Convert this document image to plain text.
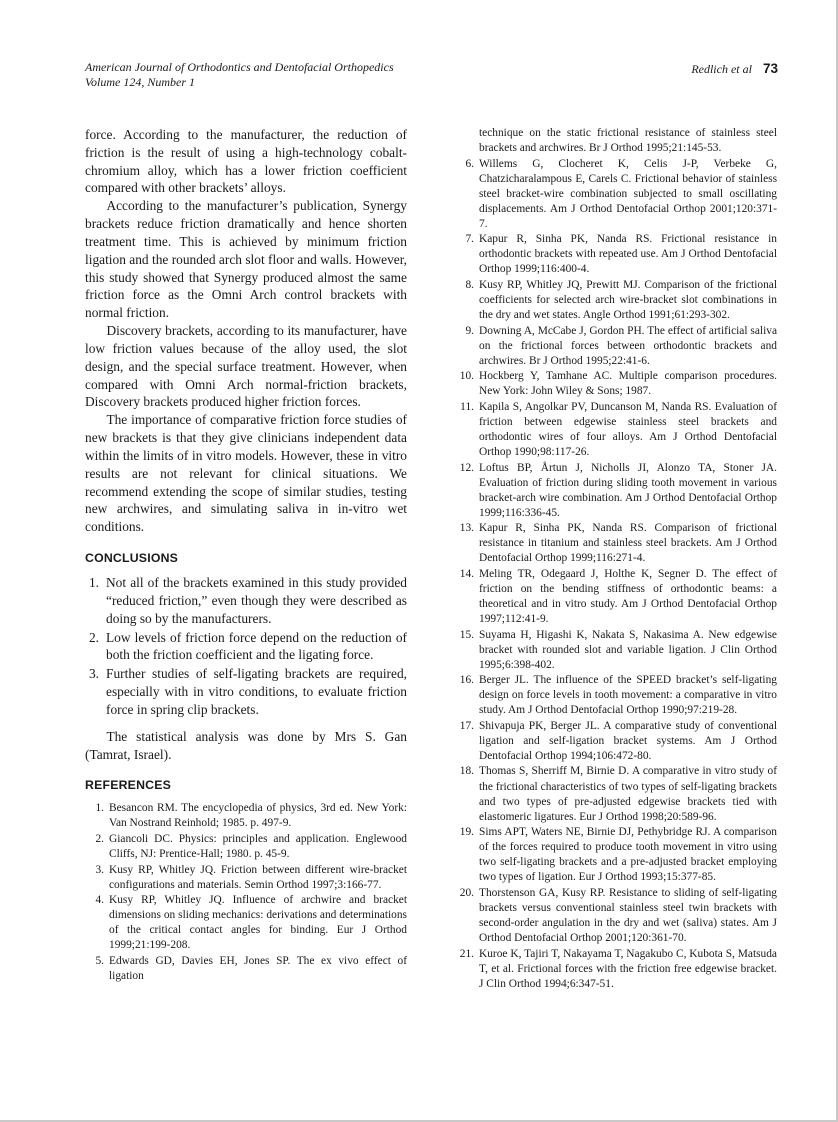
American Journal of Orthodontics and Dentofacial Orthopedics
Volume 124, Number 1
Redlich et al 73

force. According to the manufacturer, the reduction of friction is the result of using a high-technology cobalt-chromium alloy, which has a lower friction coefficient compared with other brackets’ alloys.

According to the manufacturer’s publication, Synergy brackets reduce friction dramatically and hence shorten treatment time. This is achieved by minimum friction ligation and the rounded arch slot floor and walls. However, this study showed that Synergy produced almost the same friction force as the Omni Arch control brackets with normal friction.

Discovery brackets, according to its manufacturer, have low friction values because of the alloy used, the slot design, and the special surface treatment. However, when compared with Omni Arch normal-friction brackets, Discovery brackets produced higher friction forces.

The importance of comparative friction force studies of new brackets is that they give clinicians independent data within the limits of in vitro models. However, these in vitro results are not relevant for clinical situations. We recommend extending the scope of similar studies, testing new archwires, and simulating saliva in in-vitro wet conditions.

CONCLUSIONS
1. Not all of the brackets examined in this study provided “reduced friction,” even though they were described as doing so by the manufacturers.
2. Low levels of friction force depend on the reduction of both the friction coefficient and the ligating force.
3. Further studies of self-ligating brackets are required, especially with in vitro conditions, to evaluate friction force in spring clip brackets.

The statistical analysis was done by Mrs S. Gan (Tamrat, Israel).

REFERENCES
1. Besancon RM. The encyclopedia of physics, 3rd ed. New York: Van Nostrand Reinhold; 1985. p. 497-9.
2. Giancoli DC. Physics: principles and application. Englewood Cliffs, NJ: Prentice-Hall; 1980. p. 45-9.
3. Kusy RP, Whitley JQ. Friction between different wire-bracket configurations and materials. Semin Orthod 1997;3:166-77.
4. Kusy RP, Whitley JQ. Influence of archwire and bracket dimensions on sliding mechanics: derivations and determinations of the critical contact angles for binding. Eur J Orthod 1999;21:199-208.
5. Edwards GD, Davies EH, Jones SP. The ex vivo effect of ligation

technique on the static frictional resistance of stainless steel brackets and archwires. Br J Orthod 1995;21:145-53.

6. Willems G, Clocheret K, Celis J-P, Verbeke G, Chatzicharalampous E, Carels C. Frictional behavior of stainless steel bracket-wire combination subjected to small oscillating displacements. Am J Orthod Dentofacial Orthop 2001;120:371-7.
7. Kapur R, Sinha PK, Nanda RS. Frictional resistance in orthodontic brackets with repeated use. Am J Orthod Dentofacial Orthop 1999;116:400-4.
8. Kusy RP, Whitley JQ, Prewitt MJ. Comparison of the frictional coefficients for selected arch wire-bracket slot combinations in the dry and wet states. Angle Orthod 1991;61:293-302.
9. Downing A, McCabe J, Gordon PH. The effect of artificial saliva on the frictional forces between orthodontic brackets and archwires. Br J Orthod 1995;22:41-6.
10. Hockberg Y, Tamhane AC. Multiple comparison procedures. New York: John Wiley & Sons; 1987.
11. Kapila S, Angolkar PV, Duncanson M, Nanda RS. Evaluation of friction between edgewise stainless steel brackets and orthodontic wires of four alloys. Am J Orthod Dentofacial Orthop 1990;98:117-26.
12. Loftus BP, Årtun J, Nicholls JI, Alonzo TA, Stoner JA. Evaluation of friction during sliding tooth movement in various bracket-arch wire combination. Am J Orthod Dentofacial Orthop 1999;116:336-45.
13. Kapur R, Sinha PK, Nanda RS. Comparison of frictional resistance in titanium and stainless steel brackets. Am J Orthod Dentofacial Orthop 1999;116:271-4.
14. Meling TR, Odegaard J, Holthe K, Segner D. The effect of friction on the bending stiffness of orthodontic beams: a theoretical and in vitro study. Am J Orthod Dentofacial Orthop 1997;112:41-9.
15. Suyama H, Higashi K, Nakata S, Nakasima A. New edgewise bracket with rounded slot and variable ligation. J Clin Orthod 1995;6:398-402.
16. Berger JL. The influence of the SPEED bracket’s self-ligating design on force levels in tooth movement: a comparative in vitro study. Am J Orthod Dentofacial Orthop 1990;97:219-28.
17. Shivapuja PK, Berger JL. A comparative study of conventional ligation and self-ligation bracket systems. Am J Orthod Dentofacial Orthop 1994;106:472-80.
18. Thomas S, Sherriff M, Birnie D. A comparative in vitro study of the frictional characteristics of two types of self-ligating brackets and two types of pre-adjusted edgewise brackets tied with elastomeric ligatures. Eur J Orthod 1998;20:589-96.
19. Sims APT, Waters NE, Birnie DJ, Pethybridge RJ. A comparison of the forces required to produce tooth movement in vitro using two self-ligating brackets and a pre-adjusted bracket employing two types of ligation. Eur J Orthod 1993;15:377-85.
20. Thorstenson GA, Kusy RP. Resistance to sliding of self-ligating brackets versus conventional stainless steel twin brackets with second-order angulation in the dry and wet (saliva) states. Am J Orthod Dentofacial Orthop 2001;120:361-70.
21. Kuroe K, Tajiri T, Nakayama T, Nagakubo C, Kubota S, Matsuda T, et al. Frictional forces with the friction free edgewise bracket. J Clin Orthod 1994;6:347-51.
